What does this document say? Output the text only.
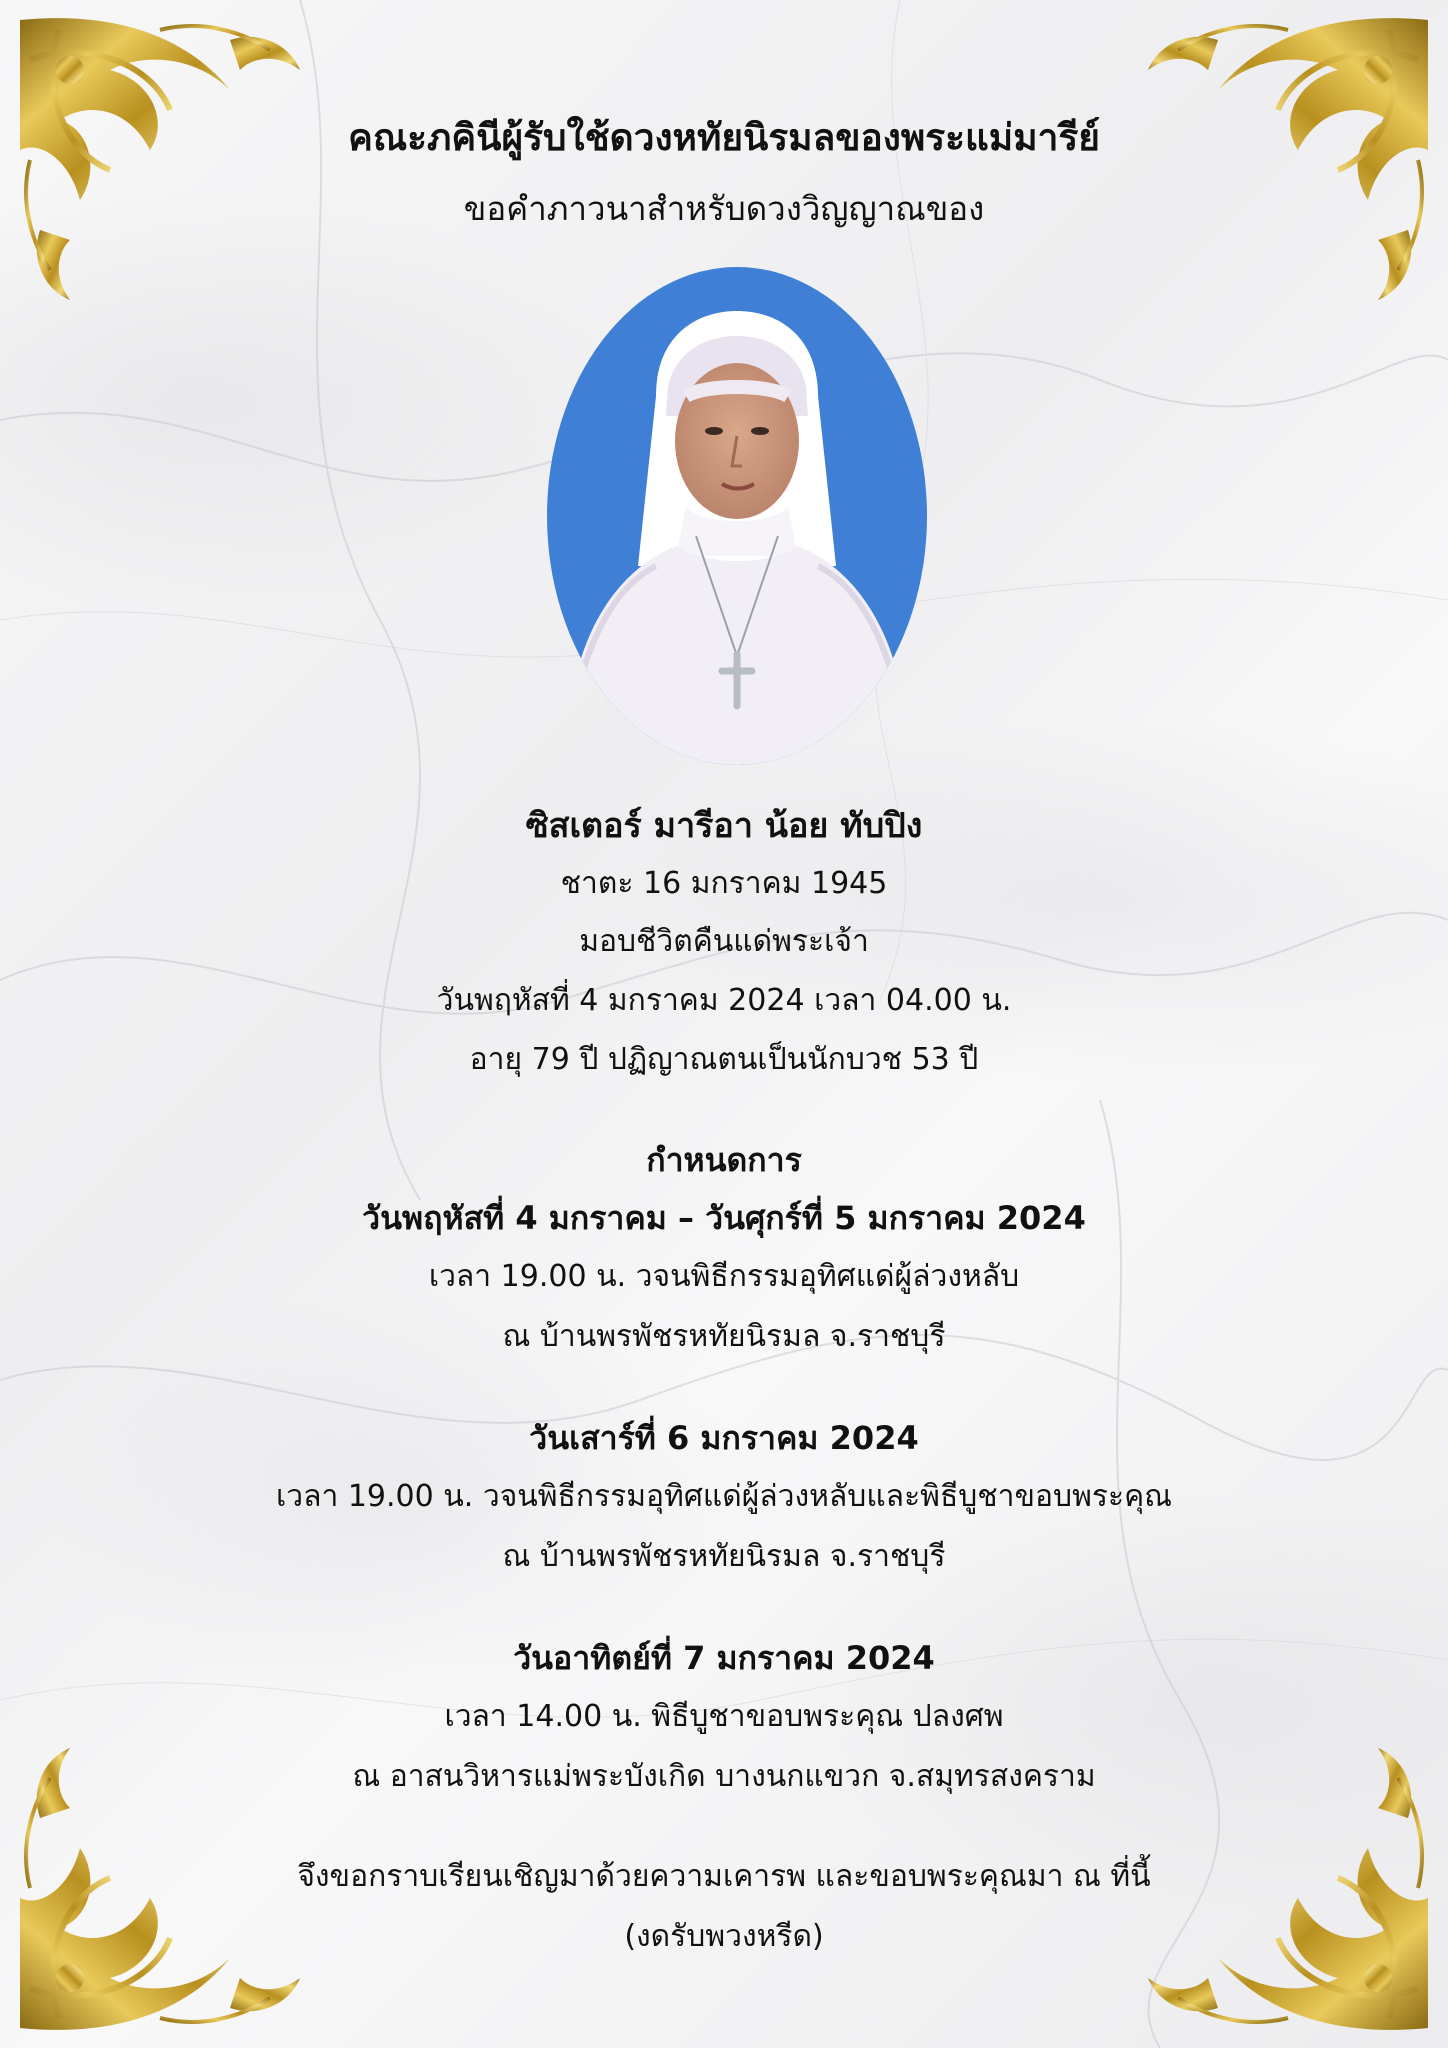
คณะภคินีผู้รับใช้ดวงหทัยนิรมลของพระแม่มารีย์
ขอคำภาวนาสำหรับดวงวิญญาณของ
ซิสเตอร์ มารีอา น้อย ทับปิง
ชาตะ 16 มกราคม 1945
มอบชีวิตคืนแด่พระเจ้า
วันพฤหัสที่ 4 มกราคม 2024 เวลา 04.00 น.
อายุ 79 ปี ปฏิญาณตนเป็นนักบวช 53 ปี
กำหนดการ
วันพฤหัสที่ 4 มกราคม – วันศุกร์ที่ 5 มกราคม 2024
เวลา 19.00 น. วจนพิธีกรรมอุทิศแด่ผู้ล่วงหลับ
ณ บ้านพรพัชรหทัยนิรมล จ.ราชบุรี
วันเสาร์ที่ 6 มกราคม 2024
เวลา 19.00 น. วจนพิธีกรรมอุทิศแด่ผู้ล่วงหลับและพิธีบูชาขอบพระคุณ
ณ บ้านพรพัชรหทัยนิรมล จ.ราชบุรี
วันอาทิตย์ที่ 7 มกราคม 2024
เวลา 14.00 น. พิธีบูชาขอบพระคุณ ปลงศพ
ณ อาสนวิหารแม่พระบังเกิด บางนกแขวก จ.สมุทรสงคราม
จึงขอกราบเรียนเชิญมาด้วยความเคารพ และขอบพระคุณมา ณ ที่นี้
(งดรับพวงหรีด)
